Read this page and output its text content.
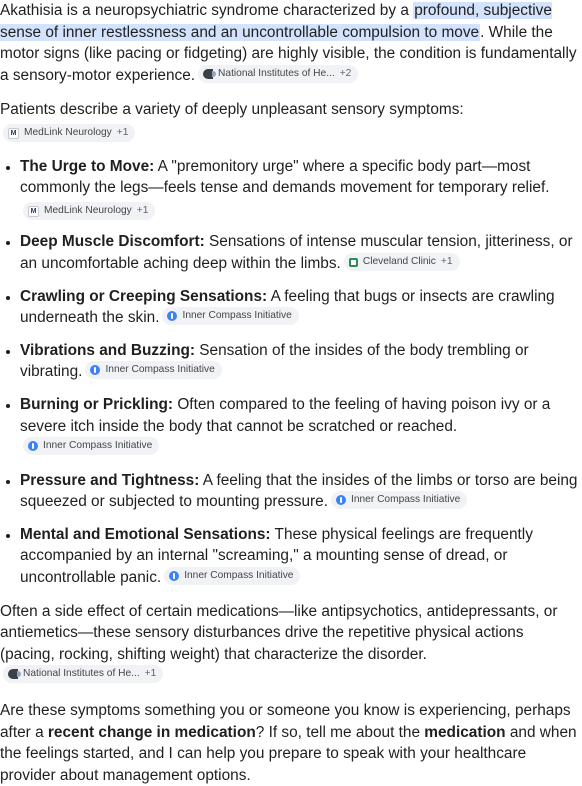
Akathisia is a neuropsychiatric syndrome characterized by a profound, subjective sense of inner restlessness and an uncontrollable compulsion to move. While the motor signs (like pacing or fidgeting) are highly visible, the condition is fundamentally a sensory-motor experience. National Institutes of He... +2

Patients describe a variety of deeply unpleasant sensory symptoms:
M MedLink Neurology +1

• The Urge to Move: A "premonitory urge" where a specific body part—most commonly the legs—feels tense and demands movement for temporary relief.
M MedLink Neurology +1
• Deep Muscle Discomfort: Sensations of intense muscular tension, jitteriness, or an uncomfortable aching deep within the limbs. Cleveland Clinic +1
• Crawling or Creeping Sensations: A feeling that bugs or insects are crawling underneath the skin. Inner Compass Initiative
• Vibrations and Buzzing: Sensation of the insides of the body trembling or vibrating. Inner Compass Initiative
• Burning or Prickling: Often compared to the feeling of having poison ivy or a severe itch inside the body that cannot be scratched or reached.
Inner Compass Initiative
• Pressure and Tightness: A feeling that the insides of the limbs or torso are being squeezed or subjected to mounting pressure. Inner Compass Initiative
• Mental and Emotional Sensations: These physical feelings are frequently accompanied by an internal "screaming," a mounting sense of dread, or uncontrollable panic. Inner Compass Initiative

Often a side effect of certain medications—like antipsychotics, antidepressants, or antiemetics—these sensory disturbances drive the repetitive physical actions (pacing, rocking, shifting weight) that characterize the disorder.
National Institutes of He... +1

Are these symptoms something you or someone you know is experiencing, perhaps after a recent change in medication? If so, tell me about the medication and when the feelings started, and I can help you prepare to speak with your healthcare provider about management options.
